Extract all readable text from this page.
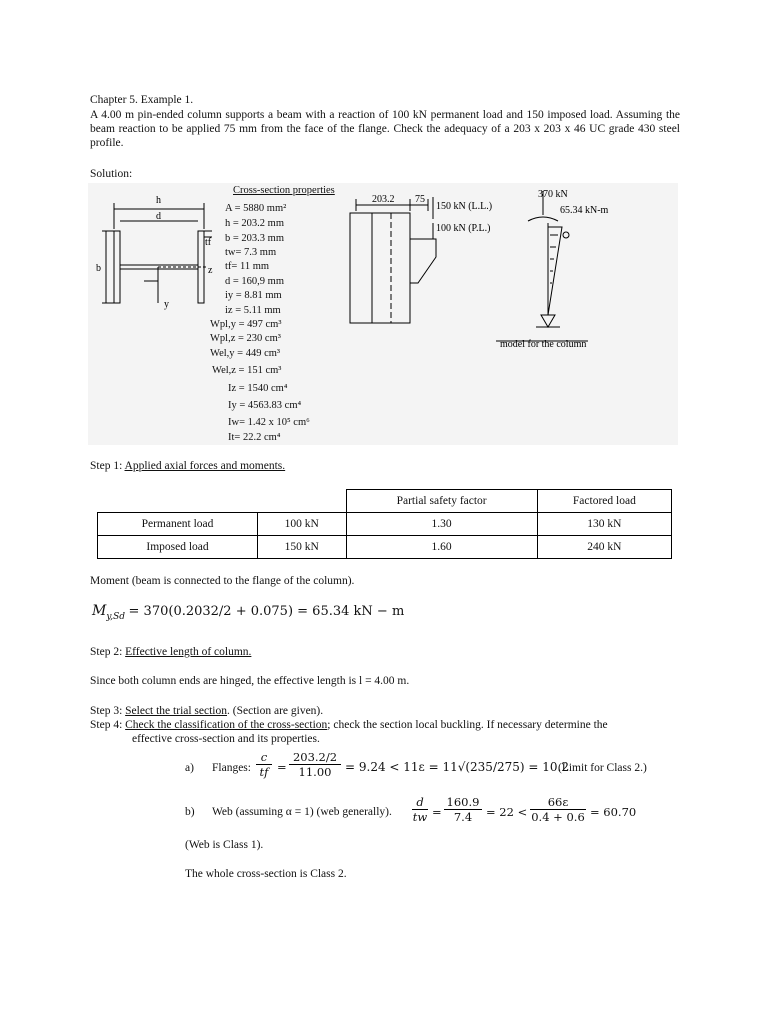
Chapter 5. Example 1.
A 4.00 m pin-ended column supports a beam with a reaction of 100 kN permanent load and 150 imposed load. Assuming the beam reaction to be applied 75 mm from the face of the flange. Check the adequacy of a 203 x 203 x 46 UC grade 430 steel profile.
Solution:
h
d
tf
b	z
y
203.2 75
150 kN (L.L.)
100 kN (P.L.)
370 kN
65.34 kN-m
model for the column
Cross-section properties
A = 5880 mm²
h = 203.2 mm
b = 203.3 mm
tw= 7.3 mm
tf= 11 mm
d = 160,9 mm
iy = 8.81 mm
iz = 5.11 mm
Wpl,y = 497 cm³
Wpl,z = 230 cm³
Wel,y = 449 cm³
Wel,z = 151 cm³
Iz = 1540 cm⁴
Iy = 4563.83 cm⁴
Iw= 1.42 x 10⁵ cm⁶
It= 22.2 cm⁴
Step 1: Applied axial forces and moments.
		Partial safety factor	Factored load
Permanent load	100 kN	1.30	130 kN
Imposed load	150 kN	1.60	240 kN
Moment (beam is connected to the flange of the column).
$M_{y,Sd} = 370(0.2032/2 + 0.075) = 65.34$ kN − m
Step 2: Effective length of column.
Since both column ends are hinged, the effective length is l = 4.00 m.
Step 3: Select the trial section. (Section are given).
Step 4: Check the classification of the cross-section; check the section local buckling. If necessary determine the
effective cross-section and its properties.
a) Flanges: $\frac{c}{tf} = \frac{203.2/2}{11.00} = 9.24 < 11\varepsilon = 11√(235/275) = 10.2$
(Limit for Class 2.)
b) Web (assuming α = 1) (web generally). $\frac{d}{tw} = \frac{160.9}{7.4} = 22 < \frac{66\varepsilon}{0.4 + 0.6} = 60.70$
(Web is Class 1).
The whole cross-section is Class 2.
